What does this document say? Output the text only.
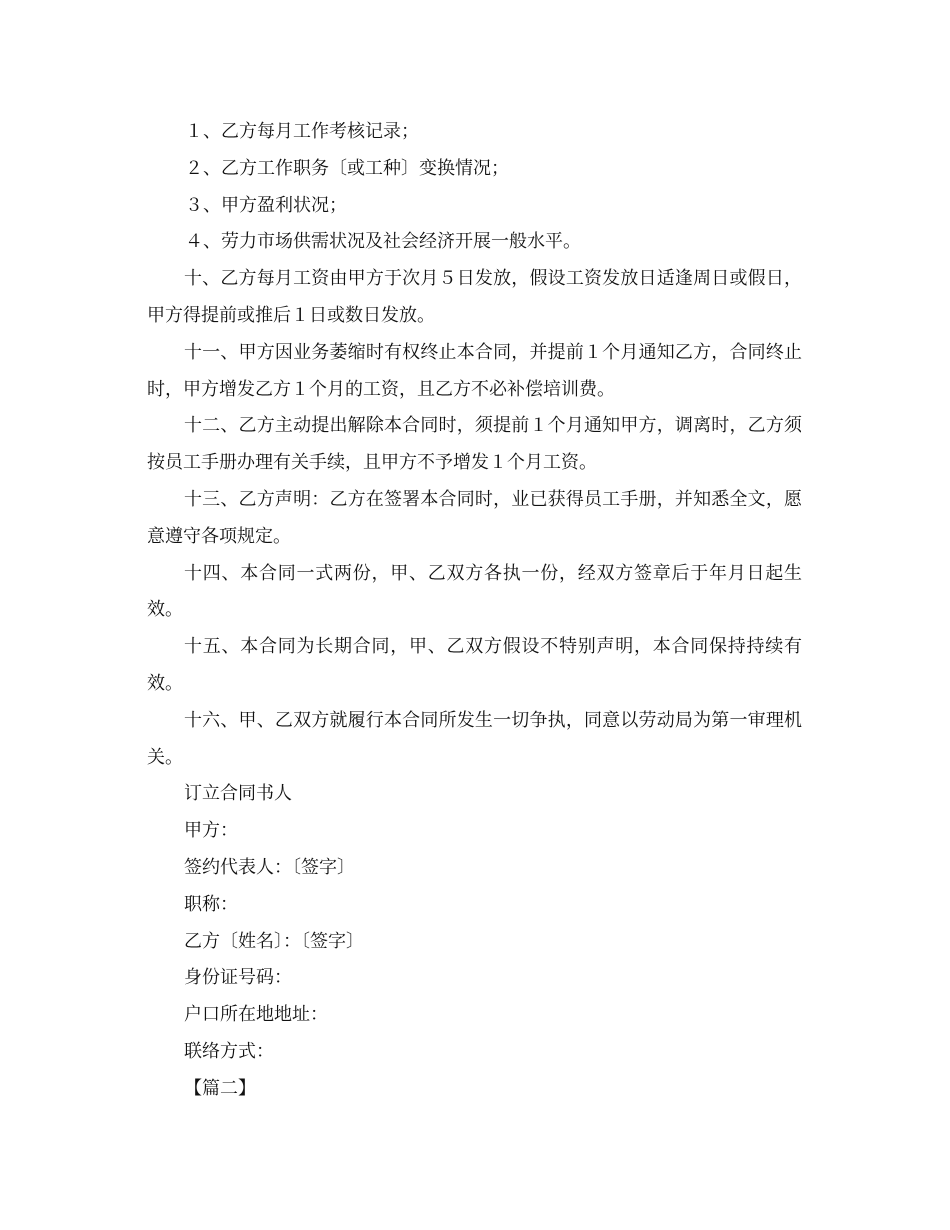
１、乙方每月工作考核记录；
２、乙方工作职务〔或工种〕变换情况；
３、甲方盈利状况；
４、劳力市场供需状况及社会经济开展一般水平。
十、乙方每月工资由甲方于次月５日发放，假设工资发放日适逢周日或假日，甲方得提前或推后１日或数日发放。
十一、甲方因业务萎缩时有权终止本合同，并提前１个月通知乙方，合同终止时，甲方增发乙方１个月的工资，且乙方不必补偿培训费。
十二、乙方主动提出解除本合同时，须提前１个月通知甲方，调离时，乙方须按员工手册办理有关手续，且甲方不予增发１个月工资。
十三、乙方声明：乙方在签署本合同时，业已获得员工手册，并知悉全文，愿意遵守各项规定。
十四、本合同一式两份，甲、乙双方各执一份，经双方签章后于年月日起生效。
十五、本合同为长期合同，甲、乙双方假设不特别声明，本合同保持持续有效。
十六、甲、乙双方就履行本合同所发生一切争执，同意以劳动局为第一审理机关。
订立合同书人
甲方：
签约代表人：〔签字〕
职称：
乙方〔姓名〕：〔签字〕
身份证号码：
户口所在地地址：
联络方式：
【篇二】
